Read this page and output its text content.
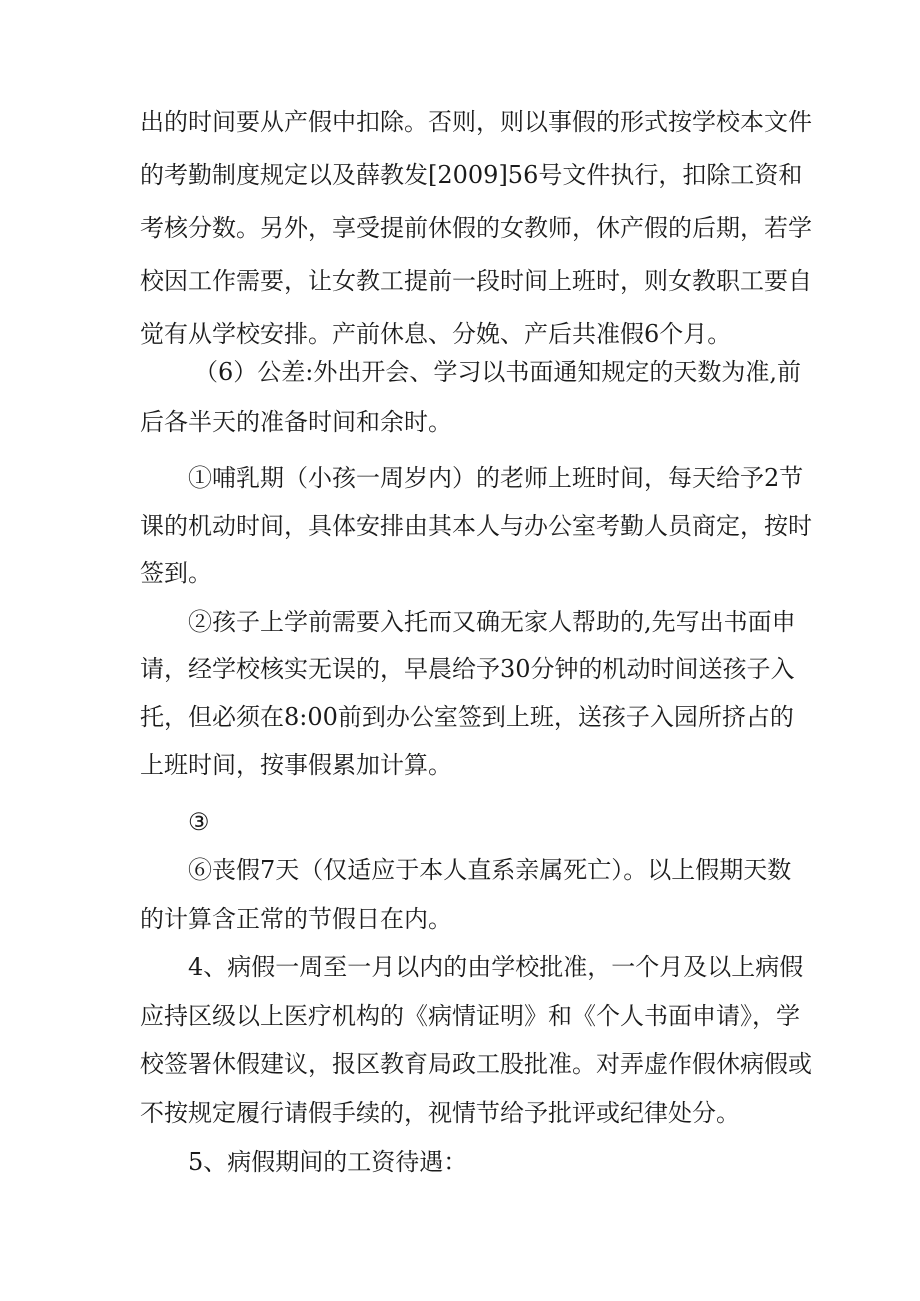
出的时间要从产假中扣除。否则，则以事假的形式按学校本文件
的考勤制度规定以及薛教发[2009]56号文件执行，扣除工资和
考核分数。另外，享受提前休假的女教师，休产假的后期，若学
校因工作需要，让女教工提前一段时间上班时，则女教职工要自
觉有从学校安排。产前休息、分娩、产后共准假6个月。
（6）公差:外出开会、学习以书面通知规定的天数为准,前
后各半天的准备时间和余时。
①哺乳期（小孩一周岁内）的老师上班时间，每天给予2节
课的机动时间，具体安排由其本人与办公室考勤人员商定，按时
签到。
②孩子上学前需要入托而又确无家人帮助的,先写出书面申
请，经学校核实无误的，早晨给予30分钟的机动时间送孩子入
托，但必须在8:00前到办公室签到上班，送孩子入园所挤占的
上班时间，按事假累加计算。
③
⑥丧假7天（仅适应于本人直系亲属死亡）。以上假期天数
的计算含正常的节假日在内。
4、病假一周至一月以内的由学校批准，一个月及以上病假
应持区级以上医疗机构的《病情证明》和《个人书面申请》，学
校签署休假建议，报区教育局政工股批准。对弄虚作假休病假或
不按规定履行请假手续的，视情节给予批评或纪律处分。
5、病假期间的工资待遇：
